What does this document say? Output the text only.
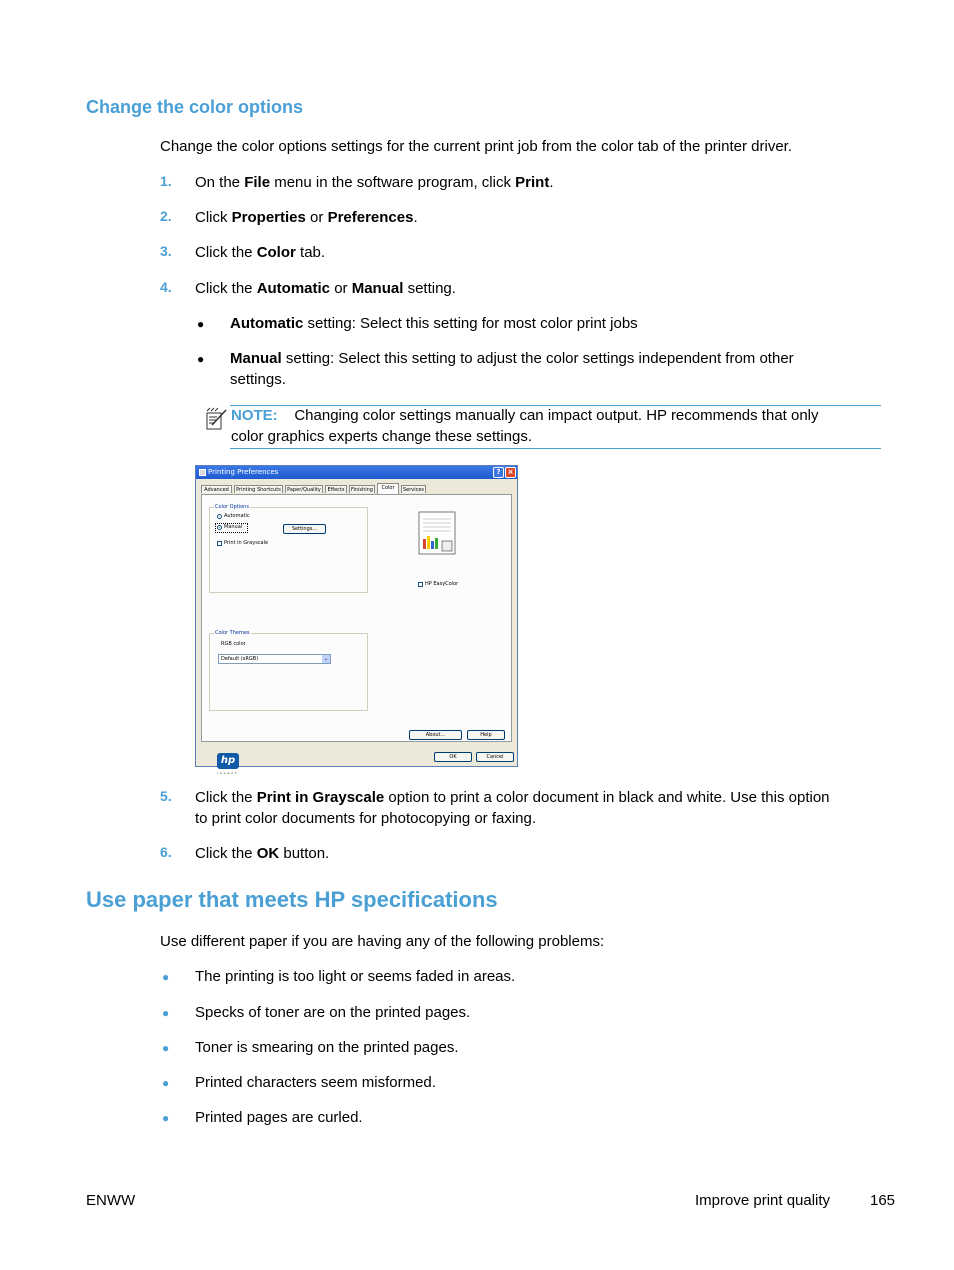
Change the color options
Change the color options settings for the current print job from the color tab of the printer driver.
1. On the File menu in the software program, click Print.
2. Click Properties or Preferences.
3. Click the Color tab.
4. Click the Automatic or Manual setting.
● Automatic setting: Select this setting for most color print jobs
● Manual setting: Select this setting to adjust the color settings independent from other
settings.
NOTE: Changing color settings manually can impact output. HP recommends that only
color graphics experts change these settings.
Printing Preferences	?	×
Advanced	Printing Shortcuts	Paper/Quality	Effects	Finishing	Color	Services
Color Options
Automatic
Manual	Settings...
Print in Grayscale
HP EasyColor
Color Themes
RGB color
Default (sRGB)	⌄
hp
invent
About...	Help
OK	Cancel
5. Click the Print in Grayscale option to print a color document in black and white. Use this option
to print color documents for photocopying or faxing.
6. Click the OK button.
Use paper that meets HP specifications
Use different paper if you are having any of the following problems:
● The printing is too light or seems faded in areas.
● Specks of toner are on the printed pages.
● Toner is smearing on the printed pages.
● Printed characters seem misformed.
● Printed pages are curled.
ENWW	Improve print quality	165
